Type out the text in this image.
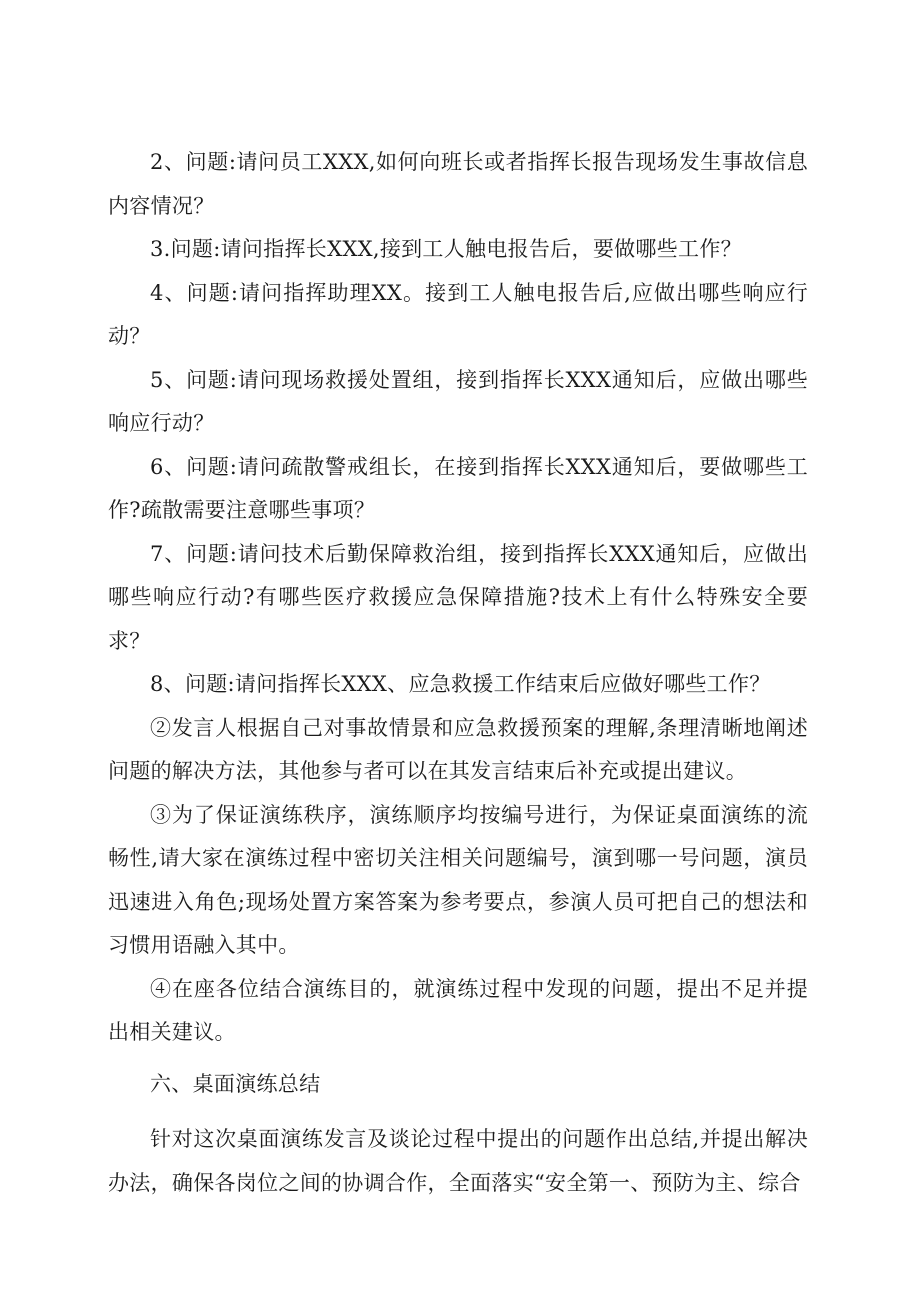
2、问题:请问员工XXX,如何向班长或者指挥长报告现场发生事故信息内容情况？

3.问题:请问指挥长XXX,接到工人触电报告后，要做哪些工作？

4、问题:请问指挥助理XX。接到工人触电报告后,应做出哪些响应行动？

5、问题:请问现场救援处置组，接到指挥长XXX通知后，应做出哪些响应行动？

6、问题:请问疏散警戒组长，在接到指挥长XXX通知后，要做哪些工作?疏散需要注意哪些事项？

7、问题:请问技术后勤保障救治组，接到指挥长XXX通知后，应做出哪些响应行动?有哪些医疗救援应急保障措施?技术上有什么特殊安全要求？

8、问题:请问指挥长XXX、应急救援工作结束后应做好哪些工作？

②发言人根据自己对事故情景和应急救援预案的理解,条理清晰地阐述问题的解决方法，其他参与者可以在其发言结束后补充或提出建议。

③为了保证演练秩序，演练顺序均按编号进行，为保证桌面演练的流畅性,请大家在演练过程中密切关注相关问题编号，演到哪一号问题，演员迅速进入角色;现场处置方案答案为参考要点，参演人员可把自己的想法和习惯用语融入其中。

④在座各位结合演练目的，就演练过程中发现的问题，提出不足并提出相关建议。

六、桌面演练总结

针对这次桌面演练发言及谈论过程中提出的问题作出总结,并提出解决办法，确保各岗位之间的协调合作，全面落实“安全第一、预防为主、综合
